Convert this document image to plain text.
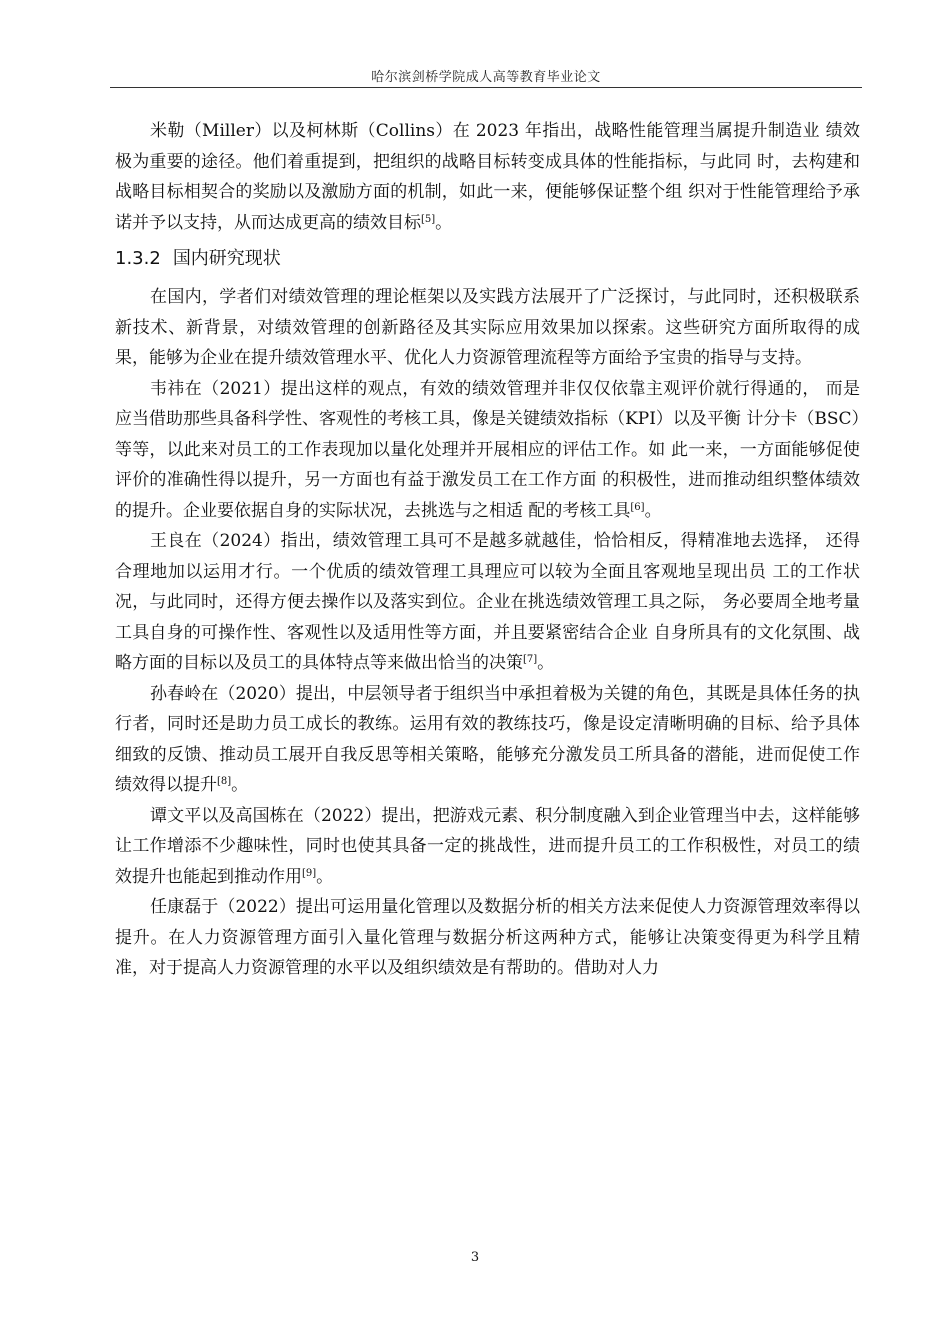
哈尔滨剑桥学院成人高等教育毕业论文

米勒（Miller）以及柯林斯（Collins）在 2023 年指出，战略性能管理当属提升制造业 绩效极为重要的途径。他们着重提到，把组织的战略目标转变成具体的性能指标，与此同 时，去构建和战略目标相契合的奖励以及激励方面的机制，如此一来，便能够保证整个组 织对于性能管理给予承诺并予以支持，从而达成更高的绩效目标[5]。

1.3.2 国内研究现状

在国内，学者们对绩效管理的理论框架以及实践方法展开了广泛探讨，与此同时，还积极联系新技术、新背景，对绩效管理的创新路径及其实际应用效果加以探索。这些研究方面所取得的成果，能够为企业在提升绩效管理水平、优化人力资源管理流程等方面给予宝贵的指导与支持。

韦祎在（2021）提出这样的观点，有效的绩效管理并非仅仅依靠主观评价就行得通的， 而是应当借助那些具备科学性、客观性的考核工具，像是关键绩效指标（KPI）以及平衡 计分卡（BSC）等等，以此来对员工的工作表现加以量化处理并开展相应的评估工作。如 此一来，一方面能够促使评价的准确性得以提升，另一方面也有益于激发员工在工作方面 的积极性，进而推动组织整体绩效的提升。企业要依据自身的实际状况，去挑选与之相适 配的考核工具[6]。

王良在（2024）指出，绩效管理工具可不是越多就越佳，恰恰相反，得精准地去选择， 还得合理地加以运用才行。一个优质的绩效管理工具理应可以较为全面且客观地呈现出员 工的工作状况，与此同时，还得方便去操作以及落实到位。企业在挑选绩效管理工具之际， 务必要周全地考量工具自身的可操作性、客观性以及适用性等方面，并且要紧密结合企业 自身所具有的文化氛围、战略方面的目标以及员工的具体特点等来做出恰当的决策[7]。

孙春岭在（2020）提出，中层领导者于组织当中承担着极为关键的角色，其既是具体任务的执行者，同时还是助力员工成长的教练。运用有效的教练技巧，像是设定清晰明确的目标、给予具体细致的反馈、推动员工展开自我反思等相关策略，能够充分激发员工所具备的潜能，进而促使工作绩效得以提升[8]。

谭文平以及高国栋在（2022）提出，把游戏元素、积分制度融入到企业管理当中去，这样能够让工作增添不少趣味性，同时也使其具备一定的挑战性，进而提升员工的工作积极性，对员工的绩效提升也能起到推动作用[9]。

任康磊于（2022）提出可运用量化管理以及数据分析的相关方法来促使人力资源管理效率得以提升。在人力资源管理方面引入量化管理与数据分析这两种方式，能够让决策变得更为科学且精准，对于提高人力资源管理的水平以及组织绩效是有帮助的。借助对人力

3
